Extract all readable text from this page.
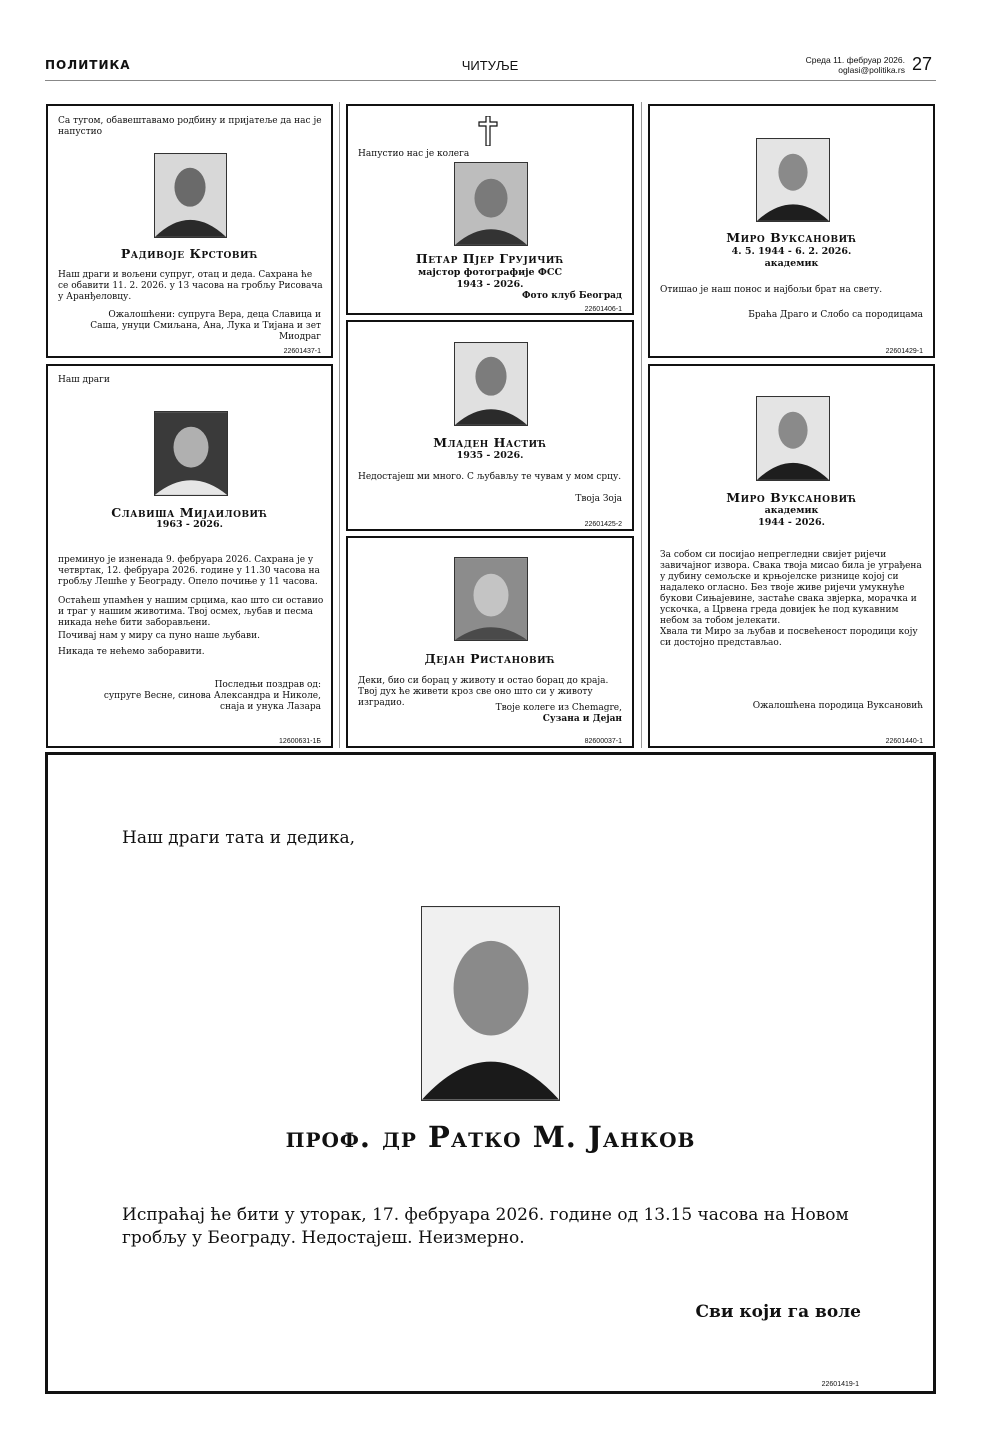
ПОЛИТИКА	ЧИТУЉЕ	Среда 11. фебруар 2026.
oglasi@politika.rs 27
Са тугом, обавештавамо родбину и пријатеље да нас је напустио
Радивоје Крстовић
Наш драги и вољени супруг, отац и деда. Сахрана ће се обавити 11. 2. 2026. у 13 часова на гробљу Рисовача у Аранђеловцу.
Ожалошћени: супруга Вера, деца Славица и Саша, унуци Смиљана, Ана, Лука и Тијана и зет Миодраг
22601437-1
Напустио нас је колега
Петар Пјер Грујичић
мајстор фотографије ФСС
1943 - 2026.
Фото клуб Београд
22601406-1
Миро Вуксановић
4. 5. 1944 - 6. 2. 2026.
академик
Отишао је наш понос и најбољи брат на свету.
Браћа Драго и Слобо са породицама
22601429-1
Наш драги
Славиша Мијаиловић
1963 - 2026.
преминуо је изненада 9. фебруара 2026. Сахрана је у четвртак, 12. фебруара 2026. године у 11.30 часова на гробљу Лешће у Београду. Опело почиње у 11 часова.
Остаћеш упамћен у нашим срцима, као што си оставио и траг у нашим животима. Твој осмех, љубав и песма никада неће бити заборављени.
Почивај нам у миру са пуно наше љубави.
Никада те нећемо заборавити.
Последњи поздрав од:
супруге Весне, синова Александра и Николе,
снаја и унука Лазара
12600631-1Б
Младен Настић
1935 - 2026.
Недостајеш ми много. С љубављу те чувам у мом срцу.
Твоја Зоја
22601425-2
Миро Вуксановић
академик
1944 - 2026.
За собом си посијао непрегледни свијет ријечи завичајног извора. Свака твоја мисао била је уграђена у дубину семољске и крњојелске ризнице којој си надалеко огласно. Без твоје живе ријечи умукнуће букови Сињајевине, застаће свака звјерка, морачка и ускочка, а Црвена греда довијек ће под кукавним небом за тобом јелекати.
Хвала ти Миро за љубав и посвећеност породици коју си достојно представљао.
Ожалошћена породица Вуксановић
22601440-1
Дејан Ристановић
Деки, био си борац у животу и остао борац до краја. Твој дух ће живети кроз све оно што си у животу изградио.	Твоје колеге из Chemagre,
Сузана и Дејан
82600037-1
Наш драги тата и дедика,
проф. др Ратко М. Јанков
Испраћај ће бити у уторак, 17. фебруара 2026. године од 13.15 часова на Новом гробљу у Београду. Недостајеш. Неизмерно.
Сви који га воле
22601419-1
